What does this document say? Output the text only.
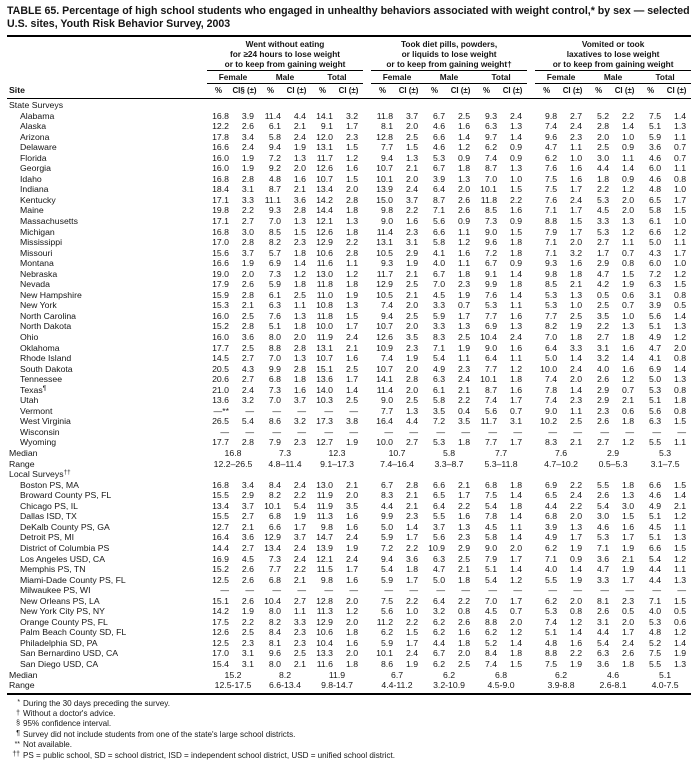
TABLE 65. Percentage of high school students who engaged in unhealthy behaviors associated with weight control,* by sex — selected U.S. sites, Youth Risk Behavior Survey, 2003

Site	Went without eating
for ≥24 hours to lose weight
or to keep from gaining weight							Took diet pills, powders,
or liquids to lose weight
or to keep from gaining weight†							Vomited or took
laxatives to lose weight
or to keep from gaining weight					

	Female		Male		Total			Female		Male		Total			Female		Male		Total	
	%	CI§ (±)	%	CI (±)	%	CI (±)		%	CI (±)	%	CI (±)	%	CI (±)		%	CI (±)	%	CI (±)	%	CI (±)
State Surveys																				
Alabama	16.8	3.9	11.4	4.4	14.1	3.2		11.8	3.7	6.7	2.5	9.3	2.4		9.8	2.7	5.2	2.2	7.5	1.4
Alaska	12.2	2.6	6.1	2.1	9.1	1.7		8.1	2.0	4.6	1.6	6.3	1.3		7.4	2.4	2.8	1.4	5.1	1.3
Arizona	17.8	3.4	5.8	2.4	12.0	2.3		12.8	2.5	6.6	1.4	9.7	1.4		9.6	2.3	2.0	1.0	5.9	1.1
Delaware	16.6	2.4	9.4	1.9	13.1	1.5		7.7	1.5	4.6	1.2	6.2	0.9		4.7	1.1	2.5	0.9	3.6	0.7
Florida	16.0	1.9	7.2	1.3	11.7	1.2		9.4	1.3	5.3	0.9	7.4	0.9		6.2	1.0	3.0	1.1	4.6	0.7
Georgia	16.0	1.9	9.2	2.0	12.6	1.6		10.7	2.1	6.7	1.8	8.7	1.3		7.6	1.6	4.4	1.4	6.0	1.1
Idaho	16.8	2.8	4.8	1.6	10.7	1.5		10.1	2.0	3.9	1.3	7.0	1.0		7.5	1.6	1.8	0.9	4.6	0.8
Indiana	18.4	3.1	8.7	2.1	13.4	2.0		13.9	2.4	6.4	2.0	10.1	1.5		7.5	1.7	2.2	1.2	4.8	1.0
Kentucky	17.1	3.3	11.1	3.6	14.2	2.8		15.0	3.7	8.7	2.6	11.8	2.2		7.6	2.4	5.3	2.0	6.5	1.7
Maine	19.8	2.2	9.3	2.8	14.4	1.8		9.8	2.2	7.1	2.6	8.5	1.6		7.1	1.7	4.5	2.0	5.8	1.5
Massachusetts	17.1	2.7	7.0	1.3	12.1	1.3		9.0	1.6	5.6	0.9	7.3	0.9		8.8	1.5	3.3	1.3	6.1	1.0
Michigan	16.8	3.0	8.5	1.5	12.6	1.8		11.4	2.3	6.6	1.1	9.0	1.5		7.9	1.7	5.3	1.2	6.6	1.2
Mississippi	17.0	2.8	8.2	2.3	12.9	2.2		13.1	3.1	5.8	1.2	9.6	1.8		7.1	2.0	2.7	1.1	5.0	1.1
Missouri	15.6	3.7	5.7	1.8	10.6	2.8		10.5	2.9	4.1	1.6	7.2	1.8		7.1	3.2	1.7	0.7	4.3	1.7
Montana	16.6	1.9	6.9	1.4	11.6	1.1		9.3	1.9	4.0	1.1	6.7	0.9		9.3	1.6	2.9	0.8	6.0	1.0
Nebraska	19.0	2.0	7.3	1.2	13.0	1.2		11.7	2.1	6.7	1.8	9.1	1.4		9.8	1.8	4.7	1.5	7.2	1.2
Nevada	17.9	2.6	5.9	1.8	11.8	1.8		12.9	2.5	7.0	2.3	9.9	1.8		8.5	2.1	4.2	1.9	6.3	1.5
New Hampshire	15.9	2.8	6.1	2.5	11.0	1.9		10.5	2.1	4.5	1.9	7.6	1.4		5.3	1.3	0.5	0.6	3.1	0.8
New York	15.3	2.1	6.3	1.1	10.8	1.3		7.4	2.0	3.3	0.7	5.3	1.1		5.3	1.0	2.5	0.7	3.9	0.5
North Carolina	16.0	2.5	7.6	1.3	11.8	1.5		9.4	2.5	5.9	1.7	7.7	1.6		7.7	2.5	3.5	1.0	5.6	1.4
North Dakota	15.2	2.8	5.1	1.8	10.0	1.7		10.7	2.0	3.3	1.3	6.9	1.3		8.2	1.9	2.2	1.3	5.1	1.3
Ohio	16.0	3.6	8.0	2.0	11.9	2.4		12.6	3.5	8.3	2.5	10.4	2.4		7.0	1.8	2.7	1.8	4.9	1.2
Oklahoma	17.7	2.5	8.8	2.8	13.1	2.1		10.9	2.3	7.1	1.9	9.0	1.6		6.4	3.3	3.1	1.6	4.7	2.0
Rhode Island	14.5	2.7	7.0	1.3	10.7	1.6		7.4	1.9	5.4	1.1	6.4	1.1		5.0	1.4	3.2	1.4	4.1	0.8
South Dakota	20.5	4.3	9.9	2.8	15.1	2.5		10.7	2.0	4.9	2.3	7.7	1.2		10.0	2.4	4.0	1.6	6.9	1.4
Tennessee	20.6	2.7	6.8	1.8	13.6	1.7		14.1	2.8	6.3	2.4	10.1	1.8		7.4	2.0	2.6	1.2	5.0	1.3
Texas¶	21.0	2.4	7.3	1.6	14.0	1.4		11.4	2.0	6.1	2.1	8.7	1.6		7.8	1.4	2.9	0.7	5.3	0.8
Utah	13.6	3.2	7.0	3.7	10.3	2.5		9.0	2.5	5.8	2.2	7.4	1.7		7.4	2.3	2.9	2.1	5.1	1.8
Vermont	—**	—	—	—	—	—		7.7	1.3	3.5	0.4	5.6	0.7		9.0	1.1	2.3	0.6	5.6	0.8
West Virginia	26.5	5.4	8.6	3.2	17.3	3.8		16.4	4.4	7.2	3.5	11.7	3.1		10.2	2.5	2.6	1.8	6.3	1.5
Wisconsin	—	—	—	—	—	—		—	—	—	—	—	—		—	—	—	—	—	—
Wyoming	17.7	2.8	7.9	2.3	12.7	1.9		10.0	2.7	5.3	1.8	7.7	1.7		8.3	2.1	2.7	1.2	5.5	1.1
Median	16.8		7.3		12.3			10.7		5.8		7.7			7.6		2.9		5.3	
Range	12.2–26.5		4.8–11.4		9.1–17.3			7.4–16.4		3.3–8.7		5.3–11.8			4.7–10.2		0.5–5.3		3.1–7.5	
Local Surveys††
Boston PS, MA	16.8	3.4	8.4	2.4	13.0	2.1		6.7	2.8	6.6	2.1	6.8	1.8		6.9	2.2	5.5	1.8	6.6	1.5
Broward County PS, FL	15.5	2.9	8.2	2.2	11.9	2.0		8.3	2.1	6.5	1.7	7.5	1.4		6.5	2.4	2.6	1.3	4.6	1.4
Chicago PS, IL	13.4	3.7	10.1	5.4	11.9	3.5		4.4	2.1	6.4	2.2	5.4	1.8		4.4	2.2	5.4	3.0	4.9	2.1
Dallas ISD, TX	15.5	2.7	6.8	1.9	11.3	1.6		9.9	2.3	5.5	1.6	7.8	1.4		6.8	2.0	3.0	1.5	5.1	1.2
DeKalb County PS, GA	12.7	2.1	6.6	1.7	9.8	1.6		5.0	1.4	3.7	1.3	4.5	1.1		3.9	1.3	4.6	1.6	4.5	1.1
Detroit PS, MI	16.4	3.6	12.9	3.7	14.7	2.4		5.9	1.7	5.6	2.3	5.8	1.4		4.9	1.7	5.3	1.7	5.1	1.3
District of Columbia PS	14.4	2.7	13.4	2.4	13.9	1.9		7.2	2.2	10.9	2.9	9.0	2.0		6.2	1.9	7.1	1.9	6.6	1.5
Los Angeles USD, CA	16.9	4.5	7.3	2.4	12.1	2.4		9.4	3.6	6.3	2.5	7.9	1.7		7.1	0.9	3.6	2.1	5.4	1.2
Memphis PS, TN	15.2	2.6	7.7	2.2	11.5	1.7		5.4	1.8	4.7	2.1	5.1	1.4		4.0	1.4	4.7	1.9	4.4	1.1
Miami-Dade County PS, FL	12.5	2.6	6.8	2.1	9.8	1.6		5.9	1.7	5.0	1.8	5.4	1.2		5.5	1.9	3.3	1.7	4.4	1.3
Milwaukee PS, WI	—	—	—	—	—	—		—	—	—	—	—	—		—	—	—	—	—	—
New Orleans PS, LA	15.1	2.6	10.4	2.7	12.8	2.0		7.5	2.2	6.4	2.2	7.0	1.7		6.2	2.0	8.1	2.3	7.1	1.5
New York City PS, NY	14.2	1.9	8.0	1.1	11.3	1.2		5.6	1.0	3.2	0.8	4.5	0.7		5.3	0.8	2.6	0.5	4.0	0.5
Orange County PS, FL	17.5	2.2	8.2	3.3	12.9	2.0		11.2	2.2	6.2	2.6	8.8	2.0		7.4	1.2	3.1	2.0	5.3	0.6
Palm Beach County SD, FL	12.6	2.5	8.4	2.3	10.6	1.8		6.2	1.5	6.2	1.6	6.2	1.2		5.1	1.4	4.4	1.7	4.8	1.2
Philadelphia SD, PA	12.5	2.3	8.1	2.3	10.4	1.6		5.9	1.7	4.4	1.8	5.2	1.4		4.8	1.6	5.4	2.4	5.2	1.4
San Bernardino USD, CA	17.0	3.1	9.6	2.5	13.3	2.0		10.1	2.4	6.7	2.0	8.4	1.8		8.8	2.2	6.3	2.6	7.5	1.9
San Diego USD, CA	15.4	3.1	8.0	2.1	11.6	1.8		8.6	1.9	6.2	2.5	7.4	1.5		7.5	1.9	3.6	1.8	5.5	1.3
Median	15.2		8.2		11.9			6.7		6.2		6.8			6.2		4.6		5.1	
Range	12.5-17.5		6.6-13.4		9.8-14.7			4.4-11.2		3.2-10.9		4.5-9.0			3.9-8.8		2.6-8.1		4.0-7.5	
* During the 30 days preceding the survey.
† Without a doctor's advice.
§ 95% confidence interval.
¶ Survey did not include students from one of the state's large school districts.
** Not available.
†† PS = public school, SD = school district, ISD = independent school district, USD = unified school district.
